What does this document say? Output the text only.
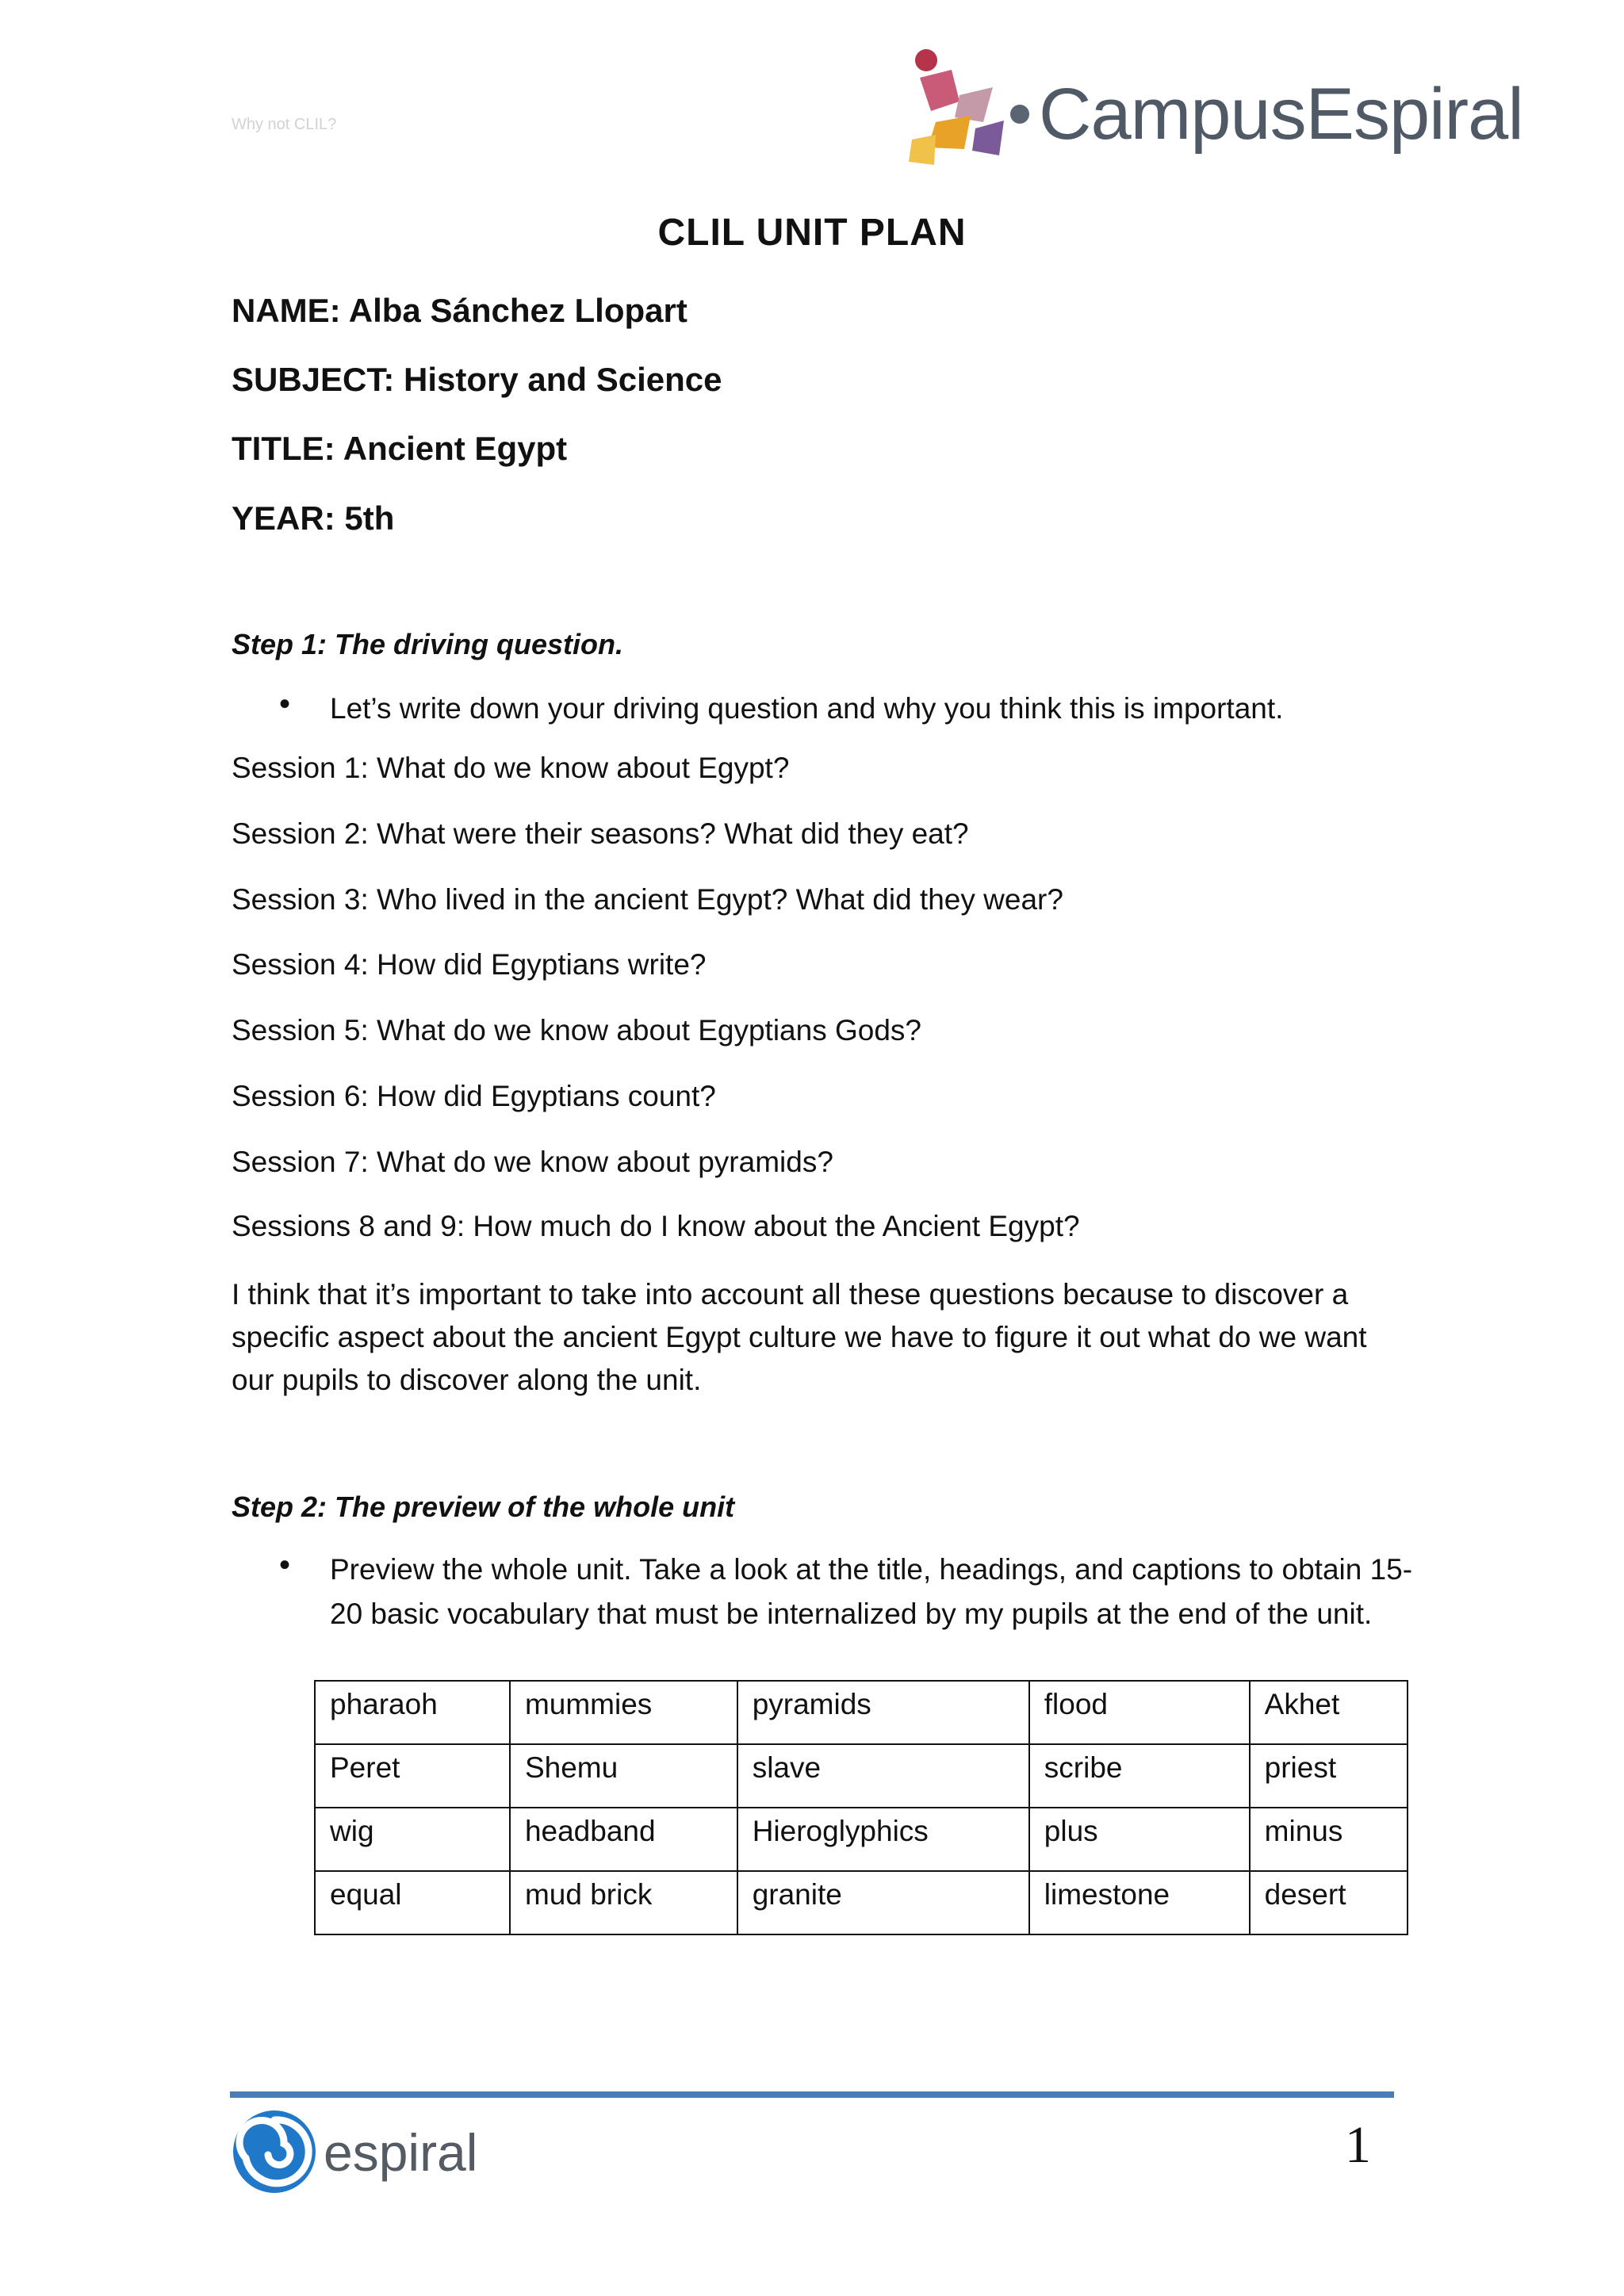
Why not CLIL?	CampusEspiral
CLIL UNIT PLAN
NAME: Alba Sánchez Llopart
SUBJECT: History and Science
TITLE: Ancient Egypt
YEAR: 5th
Step 1: The driving question.
• Let’s write down your driving question and why you think this is important.
Session 1: What do we know about Egypt?
Session 2: What were their seasons? What did they eat?
Session 3: Who lived in the ancient Egypt? What did they wear?
Session 4: How did Egyptians write?
Session 5: What do we know about Egyptians Gods?
Session 6: How did Egyptians count?
Session 7: What do we know about pyramids?
Sessions 8 and 9: How much do I know about the Ancient Egypt?
I think that it’s important to take into account all these questions because to discover a specific aspect about the ancient Egypt culture we have to figure it out what do we want our pupils to discover along the unit.
Step 2: The preview of the whole unit
• Preview the whole unit. Take a look at the title, headings, and captions to obtain 15-20 basic vocabulary that must be internalized by my pupils at the end of the unit.
pharaoh	mummies	pyramids	flood	Akhet
Peret	Shemu	slave	scribe	priest
wig	headband	Hieroglyphics	plus	minus
equal	mud brick	granite	limestone	desert
espiral	1
